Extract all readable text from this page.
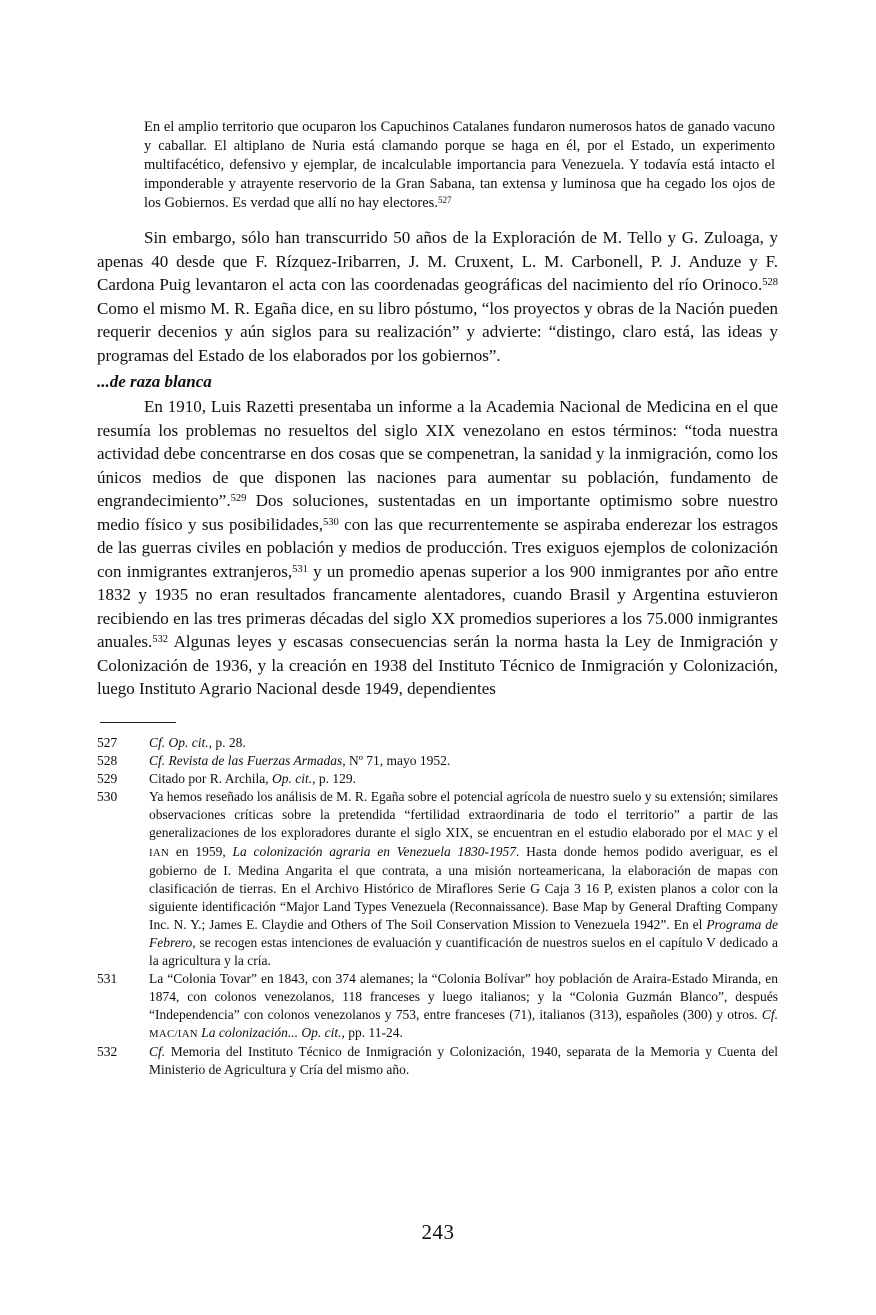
En el amplio territorio que ocuparon los Capuchinos Catalanes fundaron numerosos hatos de ganado vacuno y caballar. El altiplano de Nuria está clamando porque se haga en él, por el Estado, un experimento multifacético, defensivo y ejemplar, de incalculable importancia para Venezuela. Y todavía está intacto el imponderable y atrayente reservorio de la Gran Sabana, tan extensa y luminosa que ha cegado los ojos de los Gobiernos. Es verdad que allí no hay electores.$^{527}$

Sin embargo, sólo han transcurrido 50 años de la Exploración de M. Tello y G. Zuloaga, y apenas 40 desde que F. Rízquez-Iribarren, J. M. Cruxent, L. M. Carbonell, P. J. Anduze y F. Cardona Puig levantaron el acta con las coordenadas geográficas del nacimiento del río Orinoco.$^{528}$ Como el mismo M. R. Egaña dice, en su libro póstumo, “los proyectos y obras de la Nación pueden requerir decenios y aún siglos para su realización” y advierte: “distingo, claro está, las ideas y programas del Estado de los elaborados por los gobiernos”.

...de raza blanca

En 1910, Luis Razetti presentaba un informe a la Academia Nacional de Medicina en el que resumía los problemas no resueltos del siglo XIX venezolano en estos términos: “toda nuestra actividad debe concentrarse en dos cosas que se compenetran, la sanidad y la inmigración, como los únicos medios de que disponen las naciones para aumentar su población, fundamento de engrandecimiento”.$^{529}$ Dos soluciones, sustentadas en un importante optimismo sobre nuestro medio físico y sus posibilidades,$^{530}$ con las que recurrentemente se aspiraba enderezar los estragos de las guerras civiles en población y medios de producción. Tres exiguos ejemplos de colonización con inmigrantes extranjeros,$^{531}$ y un promedio apenas superior a los 900 inmigrantes por año entre 1832 y 1935 no eran resultados francamente alentadores, cuando Brasil y Argentina estuvieron recibiendo en las tres primeras décadas del siglo XX promedios superiores a los 75.000 inmigrantes anuales.$^{532}$ Algunas leyes y escasas consecuencias serán la norma hasta la Ley de Inmigración y Colonización de 1936, y la creación en 1938 del Instituto Técnico de Inmigración y Colonización, luego Instituto Agrario Nacional desde 1949, dependientes

527	Cf. Op. cit., p. 28.
528	Cf. Revista de las Fuerzas Armadas, Nº 71, mayo 1952.
529	Citado por R. Archila, Op. cit., p. 129.
530	Ya hemos reseñado los análisis de M. R. Egaña sobre el potencial agrícola de nuestro suelo y su extensión; similares observaciones críticas sobre la pretendida “fertilidad extraordinaria de todo el territorio” a partir de las generalizaciones de los exploradores durante el siglo XIX, se encuentran en el estudio elaborado por el MAC y el IAN en 1959, La colonización agraria en Venezuela 1830-1957. Hasta donde hemos podido averiguar, es el gobierno de I. Medina Angarita el que contrata, a una misión norteamericana, la elaboración de mapas con clasificación de tierras. En el Archivo Histórico de Miraflores Serie G Caja 3 16 P, existen planos a color con la siguiente identificación “Major Land Types Venezuela (Reconnaissance). Base Map by General Drafting Company Inc. N. Y.; James E. Claydie and Others of The Soil Conservation Mission to Venezuela 1942”. En el Programa de Febrero, se recogen estas intenciones de evaluación y cuantificación de nuestros suelos en el capítulo V dedicado a la agricultura y la cría.
531	La “Colonia Tovar” en 1843, con 374 alemanes; la “Colonia Bolívar” hoy población de Araira-Estado Miranda, en 1874, con colonos venezolanos, 118 franceses y luego italianos; y la “Colonia Guzmán Blanco”, después “Independencia” con colonos venezolanos y 753, entre franceses (71), italianos (313), españoles (300) y otros. Cf. MAC/IAN La colonización... Op. cit., pp. 11-24.
532	Cf. Memoria del Instituto Técnico de Inmigración y Colonización, 1940, separata de la Memoria y Cuenta del Ministerio de Agricultura y Cría del mismo año.
243
